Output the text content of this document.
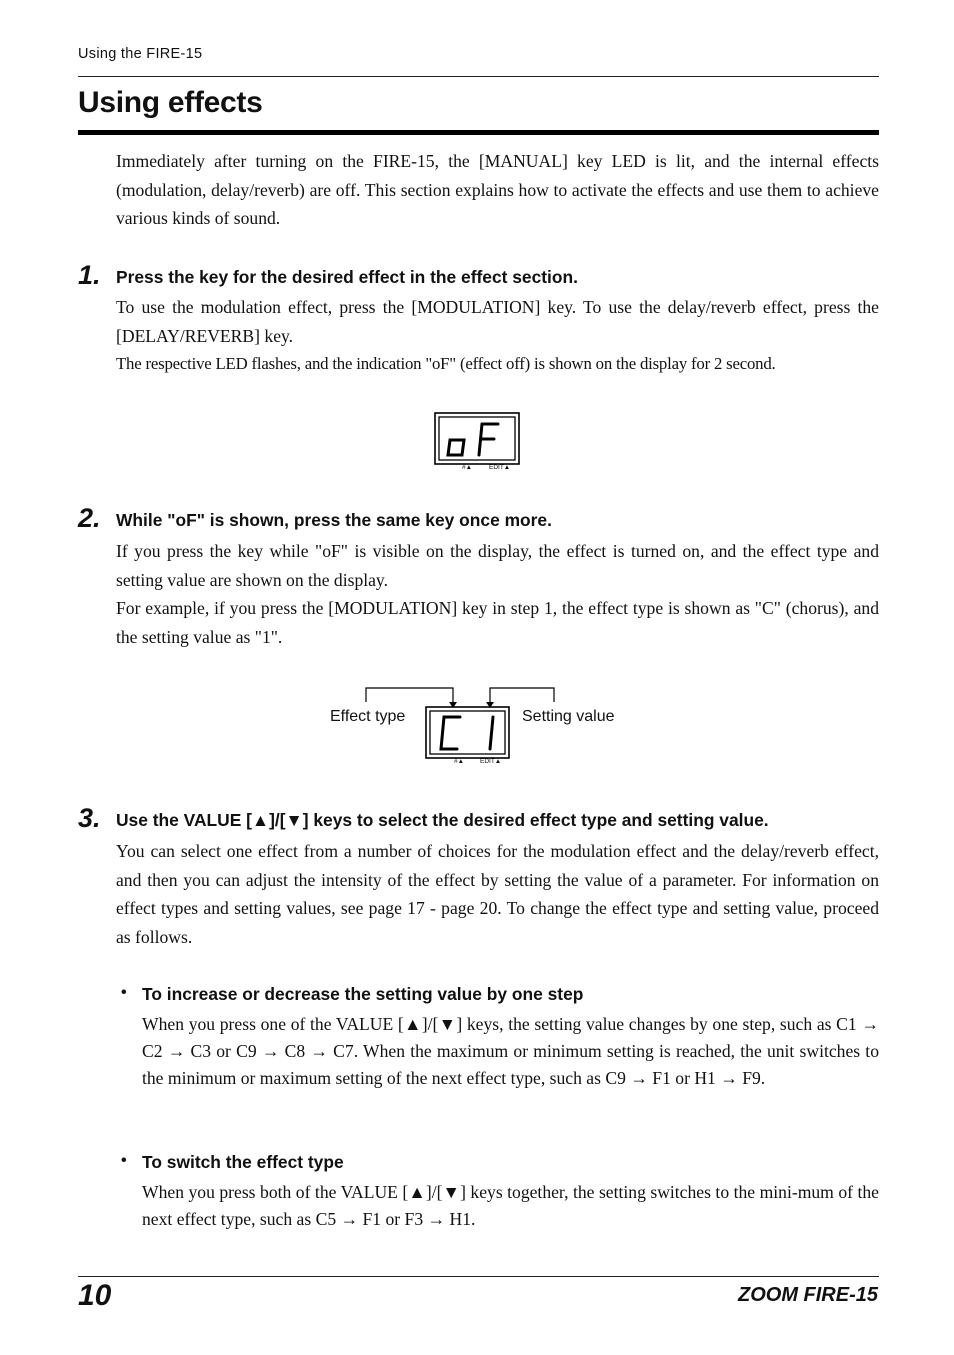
Using the FIRE-15
Using effects
Immediately after turning on the FIRE-15, the [MANUAL] key LED is lit, and the internal effects (modulation, delay/reverb) are off. This section explains how to activate the effects and use them to achieve various kinds of sound.
1. Press the key for the desired effect in the effect section.
To use the modulation effect, press the [MODULATION] key. To use the delay/reverb effect, press the [DELAY/REVERB] key.
The respective LED flashes, and the indication "oF" (effect off) is shown on the display for 2 second.
#▲	EDIT▲
2. While "oF" is shown, press the same key once more.
If you press the key while "oF" is visible on the display, the effect is turned on, and the effect type and setting value are shown on the display.
For example, if you press the [MODULATION] key in step 1, the effect type is shown as "C" (chorus), and the setting value as "1".
Effect type	Setting value
#▲ EDIT▲
3. Use the VALUE [▲]/[▼] keys to select the desired effect type and setting value.
You can select one effect from a number of choices for the modulation effect and the delay/reverb effect, and then you can adjust the intensity of the effect by setting the value of a parameter. For information on effect types and setting values, see page 17 - page 20. To change the effect type and setting value, proceed as follows.
• To increase or decrease the setting value by one step
When you press one of the VALUE [▲]/[▼] keys, the setting value changes by one step, such as C1 → C2 → C3 or C9 → C8 → C7. When the maximum or minimum setting is reached, the unit switches to the minimum or maximum setting of the next effect type, such as C9 → F1 or H1 → F9.
• To switch the effect type
When you press both of the VALUE [▲]/[▼] keys together, the setting switches to the mini-mum of the next effect type, such as C5 → F1 or F3 → H1.
10	ZOOM FIRE-15
